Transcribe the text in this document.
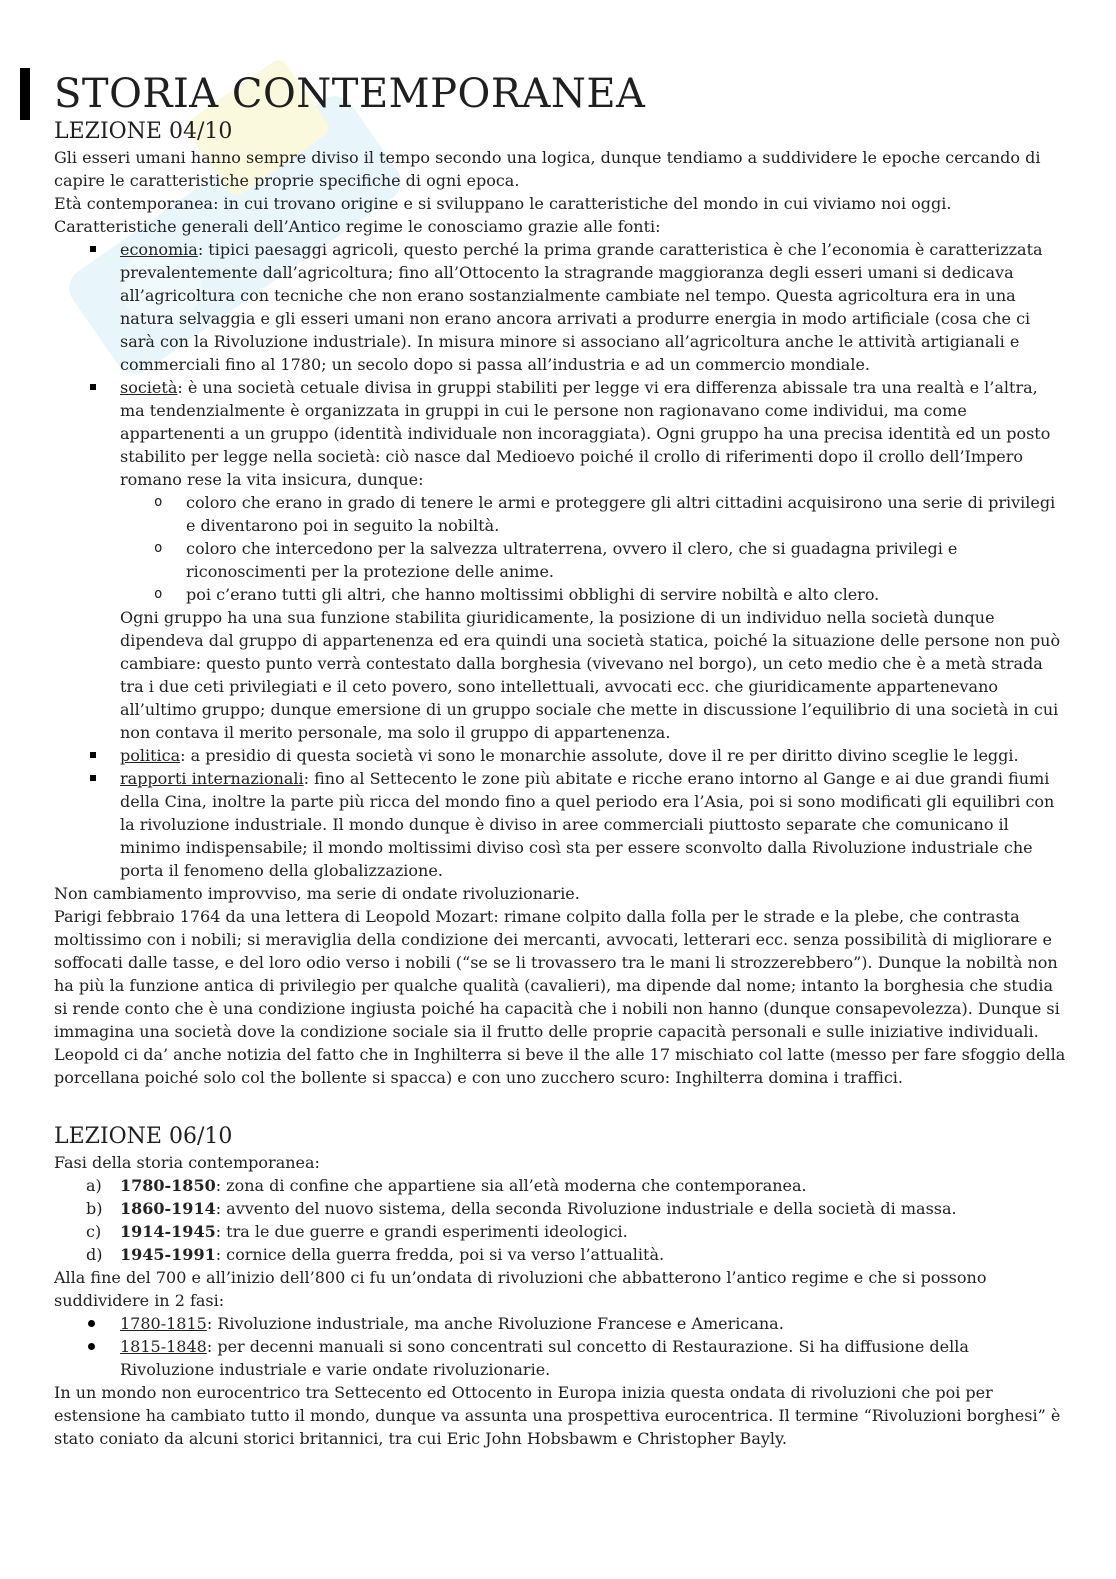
STORIA CONTEMPORANEA
LEZIONE 04/10

Gli esseri umani hanno sempre diviso il tempo secondo una logica, dunque tendiamo a suddividere le epoche cercando di capire le caratteristiche proprie specifiche di ogni epoca.

Età contemporanea: in cui trovano origine e si sviluppano le caratteristiche del mondo in cui viviamo noi oggi.

Caratteristiche generali dell’Antico regime le conosciamo grazie alle fonti:

economia: tipici paesaggi agricoli, questo perché la prima grande caratteristica è che l’economia è caratterizzata prevalentemente dall’agricoltura; fino all’Ottocento la stragrande maggioranza degli esseri umani si dedicava all’agricoltura con tecniche che non erano sostanzialmente cambiate nel tempo. Questa agricoltura era in una natura selvaggia e gli esseri umani non erano ancora arrivati a produrre energia in modo artificiale (cosa che ci sarà con la Rivoluzione industriale). In misura minore si associano all’agricoltura anche le attività artigianali e commerciali fino al 1780; un secolo dopo si passa all’industria e ad un commercio mondiale.
società: è una società cetuale divisa in gruppi stabiliti per legge vi era differenza abissale tra una realtà e l’altra, ma tendenzialmente è organizzata in gruppi in cui le persone non ragionavano come individui, ma come appartenenti a un gruppo (identità individuale non incoraggiata). Ogni gruppo ha una precisa identità ed un posto stabilito per legge nella società: ciò nasce dal Medioevo poiché il crollo di riferimenti dopo il crollo dell’Impero romano rese la vita insicura, dunque:
o coloro che erano in grado di tenere le armi e proteggere gli altri cittadini acquisirono una serie di privilegi e diventarono poi in seguito la nobiltà.
o coloro che intercedono per la salvezza ultraterrena, ovvero il clero, che si guadagna privilegi e riconoscimenti per la protezione delle anime.
o poi c’erano tutti gli altri, che hanno moltissimi obblighi di servire nobiltà e alto clero.

Ogni gruppo ha una sua funzione stabilita giuridicamente, la posizione di un individuo nella società dunque dipendeva dal gruppo di appartenenza ed era quindi una società statica, poiché la situazione delle persone non può cambiare: questo punto verrà contestato dalla borghesia (vivevano nel borgo), un ceto medio che è a metà strada tra i due ceti privilegiati e il ceto povero, sono intellettuali, avvocati ecc. che giuridicamente appartenevano all’ultimo gruppo; dunque emersione di un gruppo sociale che mette in discussione l’equilibrio di una società in cui non contava il merito personale, ma solo il gruppo di appartenenza.

politica: a presidio di questa società vi sono le monarchie assolute, dove il re per diritto divino sceglie le leggi.
rapporti internazionali: fino al Settecento le zone più abitate e ricche erano intorno al Gange e ai due grandi fiumi della Cina, inoltre la parte più ricca del mondo fino a quel periodo era l’Asia, poi si sono modificati gli equilibri con la rivoluzione industriale. Il mondo dunque è diviso in aree commerciali piuttosto separate che comunicano il minimo indispensabile; il mondo moltissimi diviso così sta per essere sconvolto dalla Rivoluzione industriale che porta il fenomeno della globalizzazione.

Non cambiamento improvviso, ma serie di ondate rivoluzionarie.

Parigi febbraio 1764 da una lettera di Leopold Mozart: rimane colpito dalla folla per le strade e la plebe, che contrasta moltissimo con i nobili; si meraviglia della condizione dei mercanti, avvocati, letterari ecc. senza possibilità di migliorare e soffocati dalle tasse, e del loro odio verso i nobili (“se se li trovassero tra le mani li strozzerebbero”). Dunque la nobiltà non ha più la funzione antica di privilegio per qualche qualità (cavalieri), ma dipende dal nome; intanto la borghesia che studia si rende conto che è una condizione ingiusta poiché ha capacità che i nobili non hanno (dunque consapevolezza). Dunque si immagina una società dove la condizione sociale sia il frutto delle proprie capacità personali e sulle iniziative individuali. Leopold ci da’ anche notizia del fatto che in Inghilterra si beve il the alle 17 mischiato col latte (messo per fare sfoggio della porcellana poiché solo col the bollente si spacca) e con uno zucchero scuro: Inghilterra domina i traffici.

LEZIONE 06/10

Fasi della storia contemporanea:

a) 1780-1850: zona di confine che appartiene sia all’età moderna che contemporanea.
b) 1860-1914: avvento del nuovo sistema, della seconda Rivoluzione industriale e della società di massa.
c) 1914-1945: tra le due guerre e grandi esperimenti ideologici.
d) 1945-1991: cornice della guerra fredda, poi si va verso l’attualità.

Alla fine del 700 e all’inizio dell’800 ci fu un’ondata di rivoluzioni che abbatterono l’antico regime e che si possono suddividere in 2 fasi:

1780-1815: Rivoluzione industriale, ma anche Rivoluzione Francese e Americana.
1815-1848: per decenni manuali si sono concentrati sul concetto di Restaurazione. Si ha diffusione della Rivoluzione industriale e varie ondate rivoluzionarie.

In un mondo non eurocentrico tra Settecento ed Ottocento in Europa inizia questa ondata di rivoluzioni che poi per estensione ha cambiato tutto il mondo, dunque va assunta una prospettiva eurocentrica. Il termine “Rivoluzioni borghesi” è stato coniato da alcuni storici britannici, tra cui Eric John Hobsbawm e Christopher Bayly.
